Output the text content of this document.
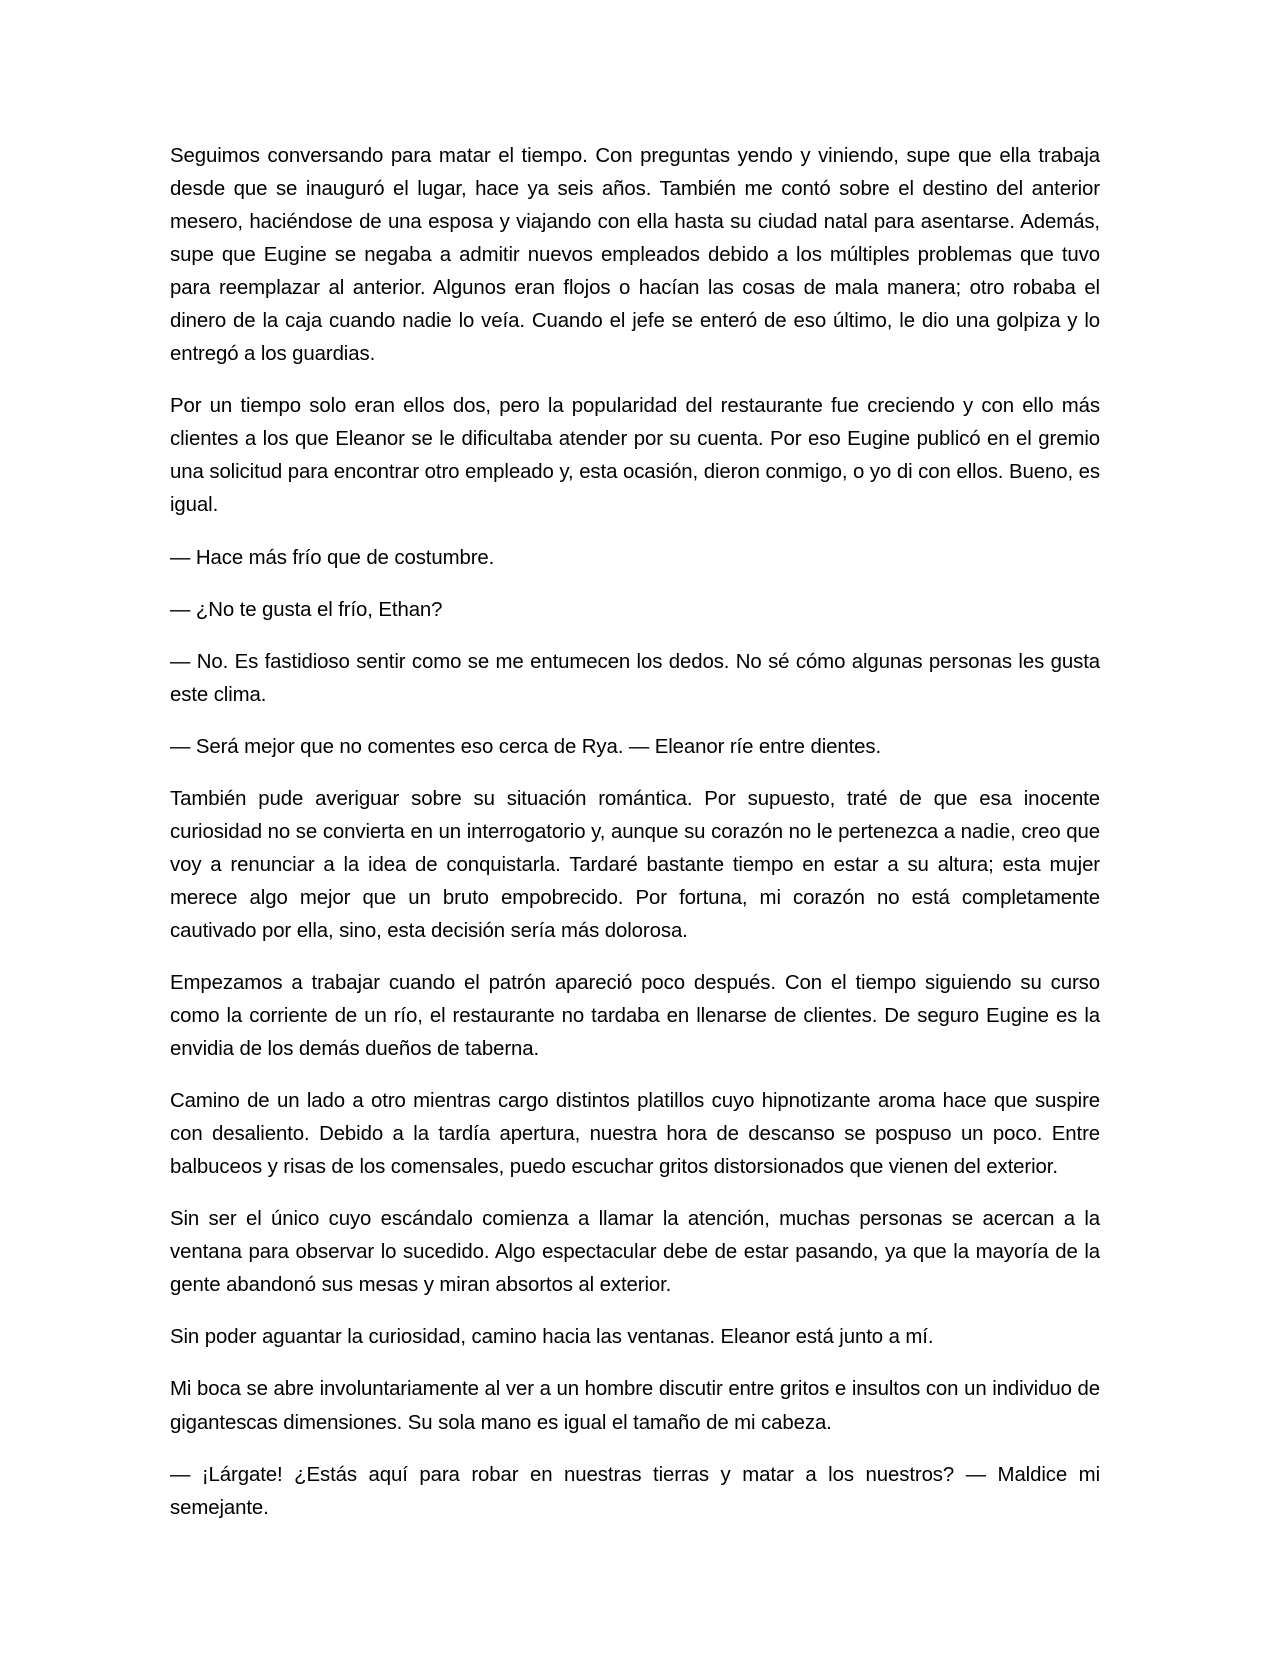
Seguimos conversando para matar el tiempo. Con preguntas yendo y viniendo, supe que ella trabaja desde que se inauguró el lugar, hace ya seis años. También me contó sobre el destino del anterior mesero, haciéndose de una esposa y viajando con ella hasta su ciudad natal para asentarse. Además, supe que Eugine se negaba a admitir nuevos empleados debido a los múltiples problemas que tuvo para reemplazar al anterior. Algunos eran flojos o hacían las cosas de mala manera; otro robaba el dinero de la caja cuando nadie lo veía. Cuando el jefe se enteró de eso último, le dio una golpiza y lo entregó a los guardias.

Por un tiempo solo eran ellos dos, pero la popularidad del restaurante fue creciendo y con ello más clientes a los que Eleanor se le dificultaba atender por su cuenta. Por eso Eugine publicó en el gremio una solicitud para encontrar otro empleado y, esta ocasión, dieron conmigo, o yo di con ellos. Bueno, es igual.

— Hace más frío que de costumbre.

— ¿No te gusta el frío, Ethan?

— No. Es fastidioso sentir como se me entumecen los dedos. No sé cómo algunas personas les gusta este clima.

— Será mejor que no comentes eso cerca de Rya. — Eleanor ríe entre dientes.

También pude averiguar sobre su situación romántica. Por supuesto, traté de que esa inocente curiosidad no se convierta en un interrogatorio y, aunque su corazón no le pertenezca a nadie, creo que voy a renunciar a la idea de conquistarla. Tardaré bastante tiempo en estar a su altura; esta mujer merece algo mejor que un bruto empobrecido. Por fortuna, mi corazón no está completamente cautivado por ella, sino, esta decisión sería más dolorosa.

Empezamos a trabajar cuando el patrón apareció poco después. Con el tiempo siguiendo su curso como la corriente de un río, el restaurante no tardaba en llenarse de clientes. De seguro Eugine es la envidia de los demás dueños de taberna.

Camino de un lado a otro mientras cargo distintos platillos cuyo hipnotizante aroma hace que suspire con desaliento. Debido a la tardía apertura, nuestra hora de descanso se pospuso un poco. Entre balbuceos y risas de los comensales, puedo escuchar gritos distorsionados que vienen del exterior.

Sin ser el único cuyo escándalo comienza a llamar la atención, muchas personas se acercan a la ventana para observar lo sucedido. Algo espectacular debe de estar pasando, ya que la mayoría de la gente abandonó sus mesas y miran absortos al exterior.

Sin poder aguantar la curiosidad, camino hacia las ventanas. Eleanor está junto a mí.

Mi boca se abre involuntariamente al ver a un hombre discutir entre gritos e insultos con un individuo de gigantescas dimensiones. Su sola mano es igual el tamaño de mi cabeza.

— ¡Lárgate! ¿Estás aquí para robar en nuestras tierras y matar a los nuestros? — Maldice mi semejante.
